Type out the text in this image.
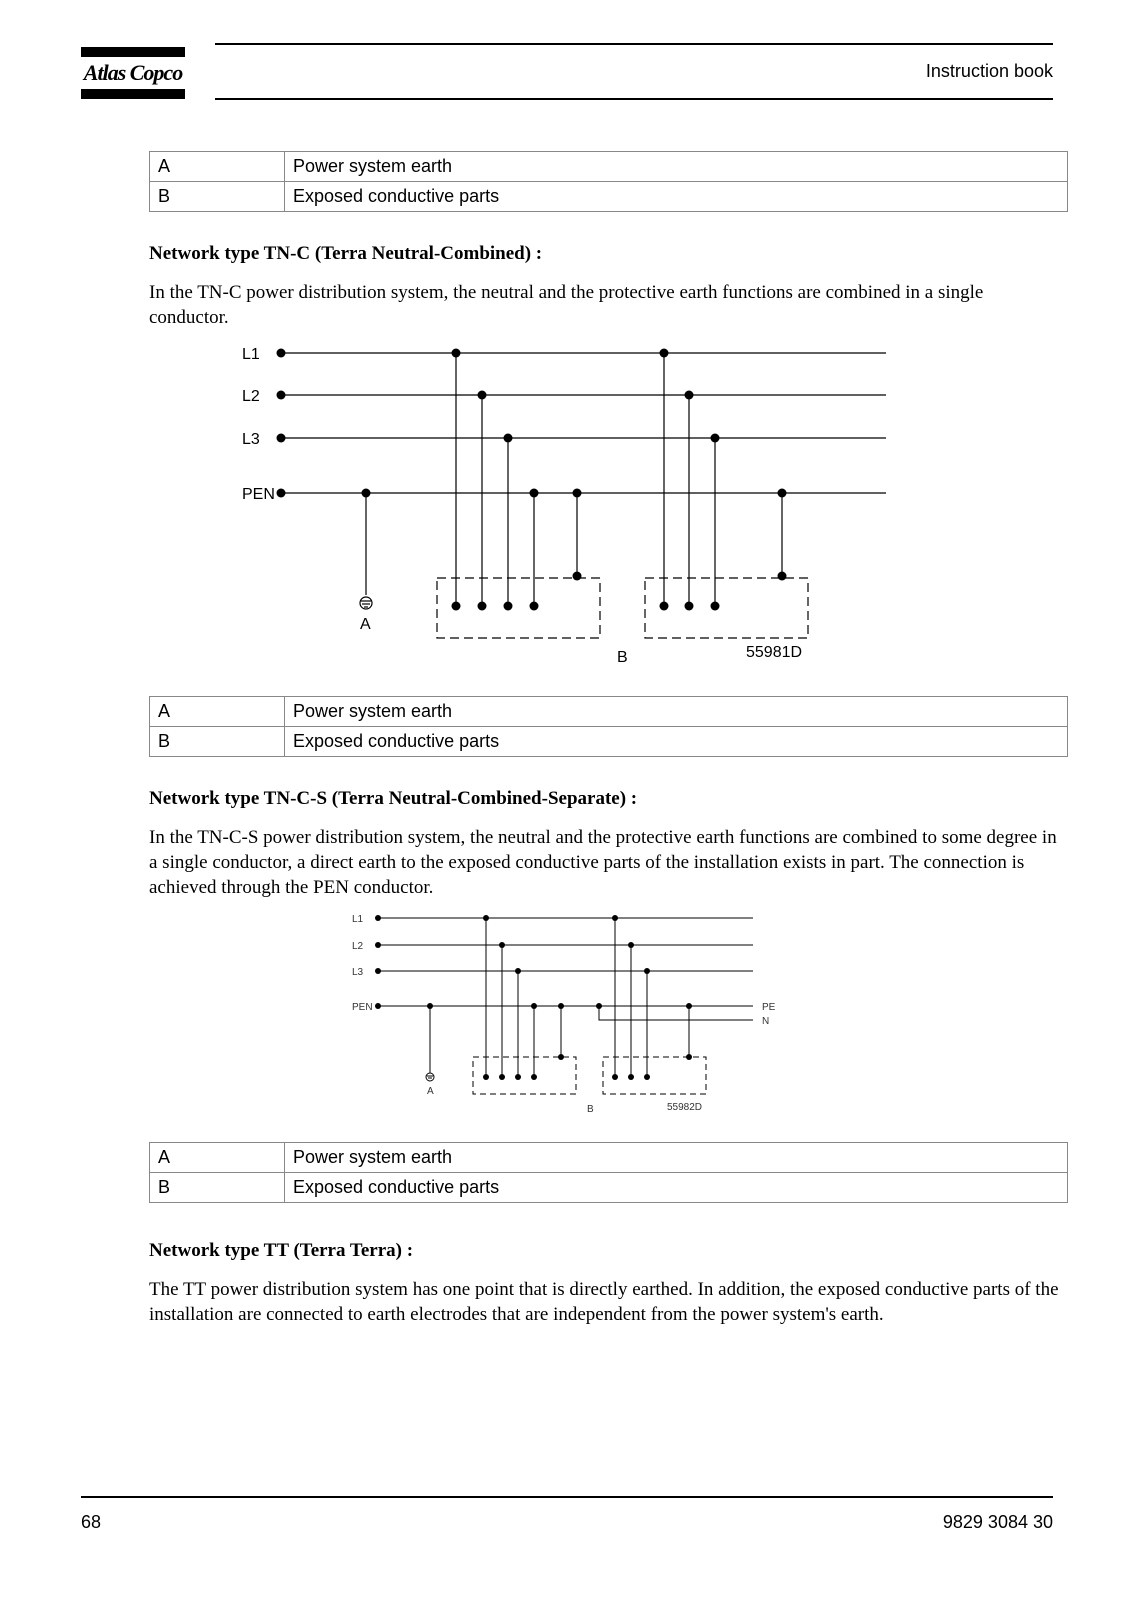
Atlas Copco	Instruction book
A	Power system earth
B	Exposed conductive parts
Network type TN-C (Terra Neutral-Combined) :

In the TN-C power distribution system, the neutral and the protective earth functions are combined in a single conductor.

L1
L2
L3
PEN
A
B	55981D
A	Power system earth
B	Exposed conductive parts
Network type TN-C-S (Terra Neutral-Combined-Separate) :

In the TN-C-S power distribution system, the neutral and the protective earth functions are combined to some degree in a single conductor, a direct earth to the exposed conductive parts of the installation exists in part. The connection is achieved through the PEN conductor.

L1
L2
L3
PEN	PE
N
A
B	55982D
A	Power system earth
B	Exposed conductive parts
Network type TT (Terra Terra) :

The TT power distribution system has one point that is directly earthed. In addition, the exposed conductive parts of the installation are connected to earth electrodes that are independent from the power system's earth.

68	9829 3084 30
